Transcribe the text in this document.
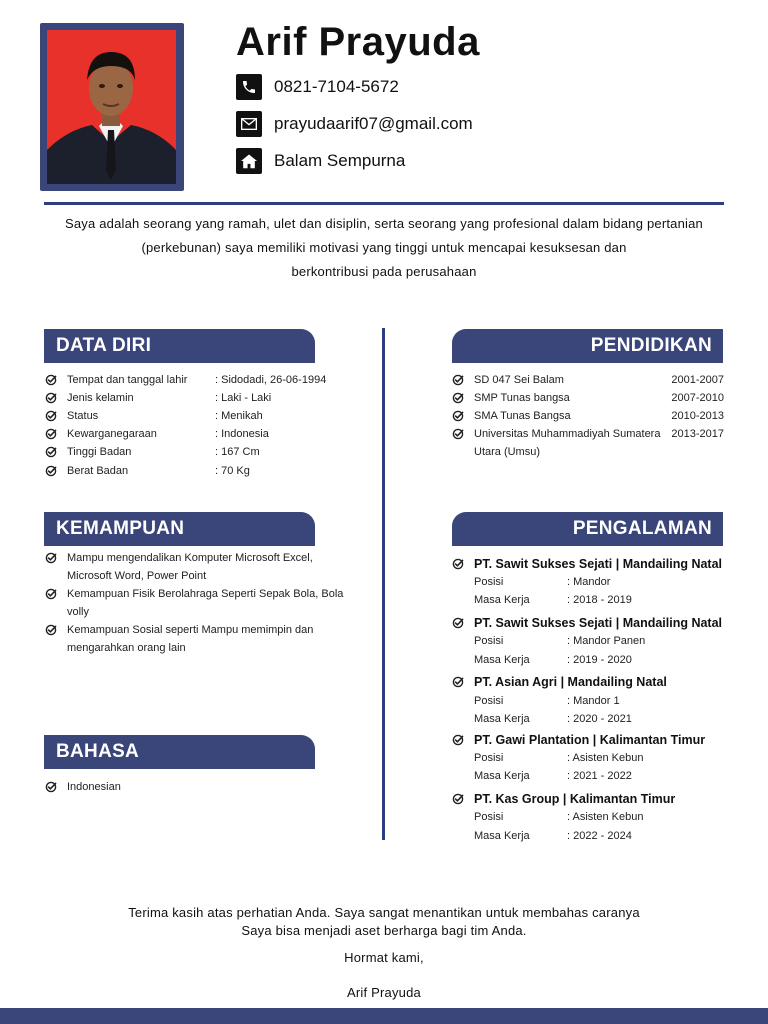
Arif Prayuda
0821-7104-5672
prayudaarif07@gmail.com
Balam Sempurna
Saya adalah seorang yang ramah, ulet dan disiplin, serta seorang yang profesional dalam bidang pertanian
(perkebunan) saya memiliki motivasi yang tinggi untuk mencapai kesuksesan dan
berkontribusi pada perusahaan
DATA DIRI
Tempat dan tanggal lahir	: Sidodadi, 26-06-1994
Jenis kelamin	: Laki - Laki
Status	: Menikah
Kewarganegaraan	: Indonesia
Tinggi Badan	: 167 Cm
Berat Badan	: 70 Kg
PENDIDIKAN
SD 047 Sei Balam	2001-2007
SMP Tunas bangsa	2007-2010
SMA Tunas Bangsa	2010-2013
Universitas Muhammadiyah Sumatera Utara (Umsu)
2013-2017
KEMAMPUAN
Mampu mengendalikan Komputer Microsoft Excel, Microsoft Word, Power Point
Kemampuan Fisik Berolahraga Seperti Sepak Bola, Bola volly
Kemampuan Sosial seperti Mampu memimpin dan mengarahkan orang lain
BAHASA
Indonesian
PENGALAMAN
PT. Sawit Sukses Sejati | Mandailing Natal
Posisi	: Mandor
Masa Kerja	: 2018 - 2019
PT. Sawit Sukses Sejati | Mandailing Natal
Posisi	: Mandor Panen
Masa Kerja	: 2019 - 2020
PT. Asian Agri | Mandailing Natal
Posisi	: Mandor 1
Masa Kerja	: 2020 - 2021
PT. Gawi Plantation | Kalimantan Timur
Posisi	: Asisten Kebun
Masa Kerja	: 2021 - 2022
PT. Kas Group | Kalimantan Timur
Posisi	: Asisten Kebun
Masa Kerja	: 2022 - 2024
Terima kasih atas perhatian Anda. Saya sangat menantikan untuk membahas caranya
Saya bisa menjadi aset berharga bagi tim Anda.
Hormat kami,
Arif Prayuda
